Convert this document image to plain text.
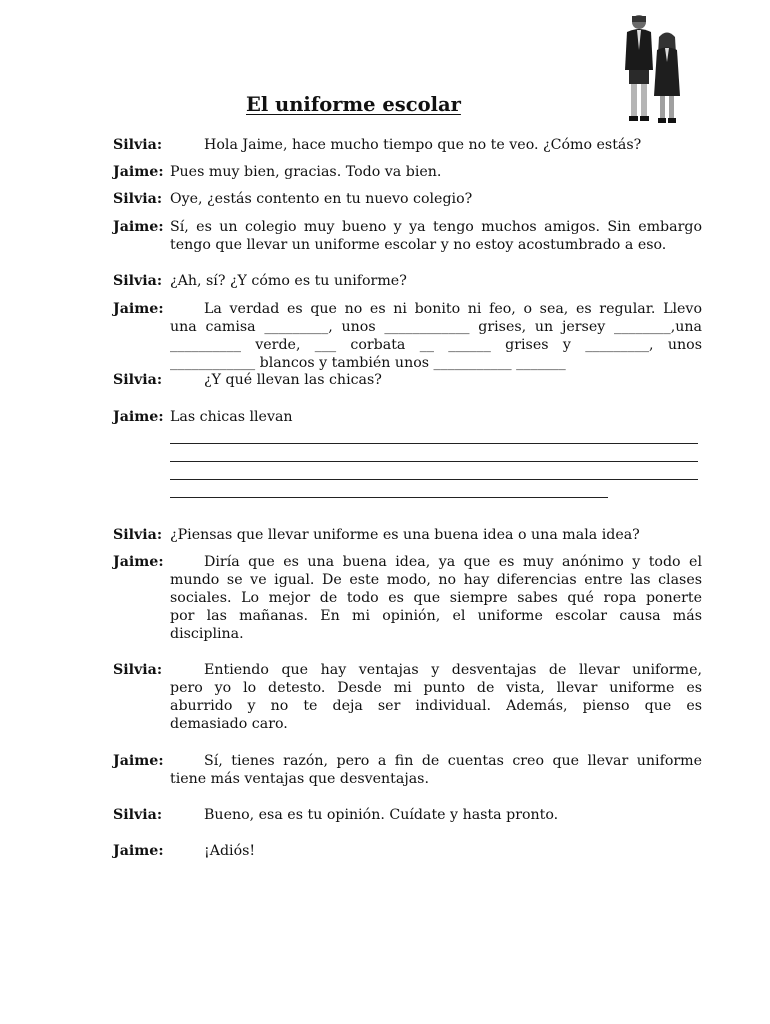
El uniforme escolar
Silvia:	Hola Jaime, hace mucho tiempo que no te veo. ¿Cómo estás?
Jaime: Pues muy bien, gracias. Todo va bien.
Silvia: Oye, ¿estás contento en tu nuevo colegio?
Jaime: Sí, es un colegio muy bueno y ya tengo muchos amigos. Sin embargo
tengo que llevar un uniforme escolar y no estoy acostumbrado a eso.
Silvia: ¿Ah, sí? ¿Y cómo es tu uniforme?
Jaime:	La verdad es que no es ni bonito ni feo, o sea, es regular. Llevo
una camisa _________, unos ____________ grises, un jersey ________,una
__________ verde, ___ corbata __ ______ grises y _________, unos
____________ blancos y también unos ___________ _______
Silvia:	¿Y qué llevan las chicas?
Jaime: Las chicas llevan
Silvia: ¿Piensas que llevar uniforme es una buena idea o una mala idea?
Jaime:	Diría que es una buena idea, ya que es muy anónimo y todo el
mundo se ve igual. De este modo, no hay diferencias entre las clases
sociales. Lo mejor de todo es que siempre sabes qué ropa ponerte
por las mañanas. En mi opinión, el uniforme escolar causa más
disciplina.
Silvia:	Entiendo que hay ventajas y desventajas de llevar uniforme,
pero yo lo detesto. Desde mi punto de vista, llevar uniforme es
aburrido y no te deja ser individual. Además, pienso que es
demasiado caro.
Jaime:	Sí, tienes razón, pero a fin de cuentas creo que llevar uniforme
tiene más ventajas que desventajas.
Silvia:	Bueno, esa es tu opinión. Cuídate y hasta pronto.
Jaime:	¡Adiós!
